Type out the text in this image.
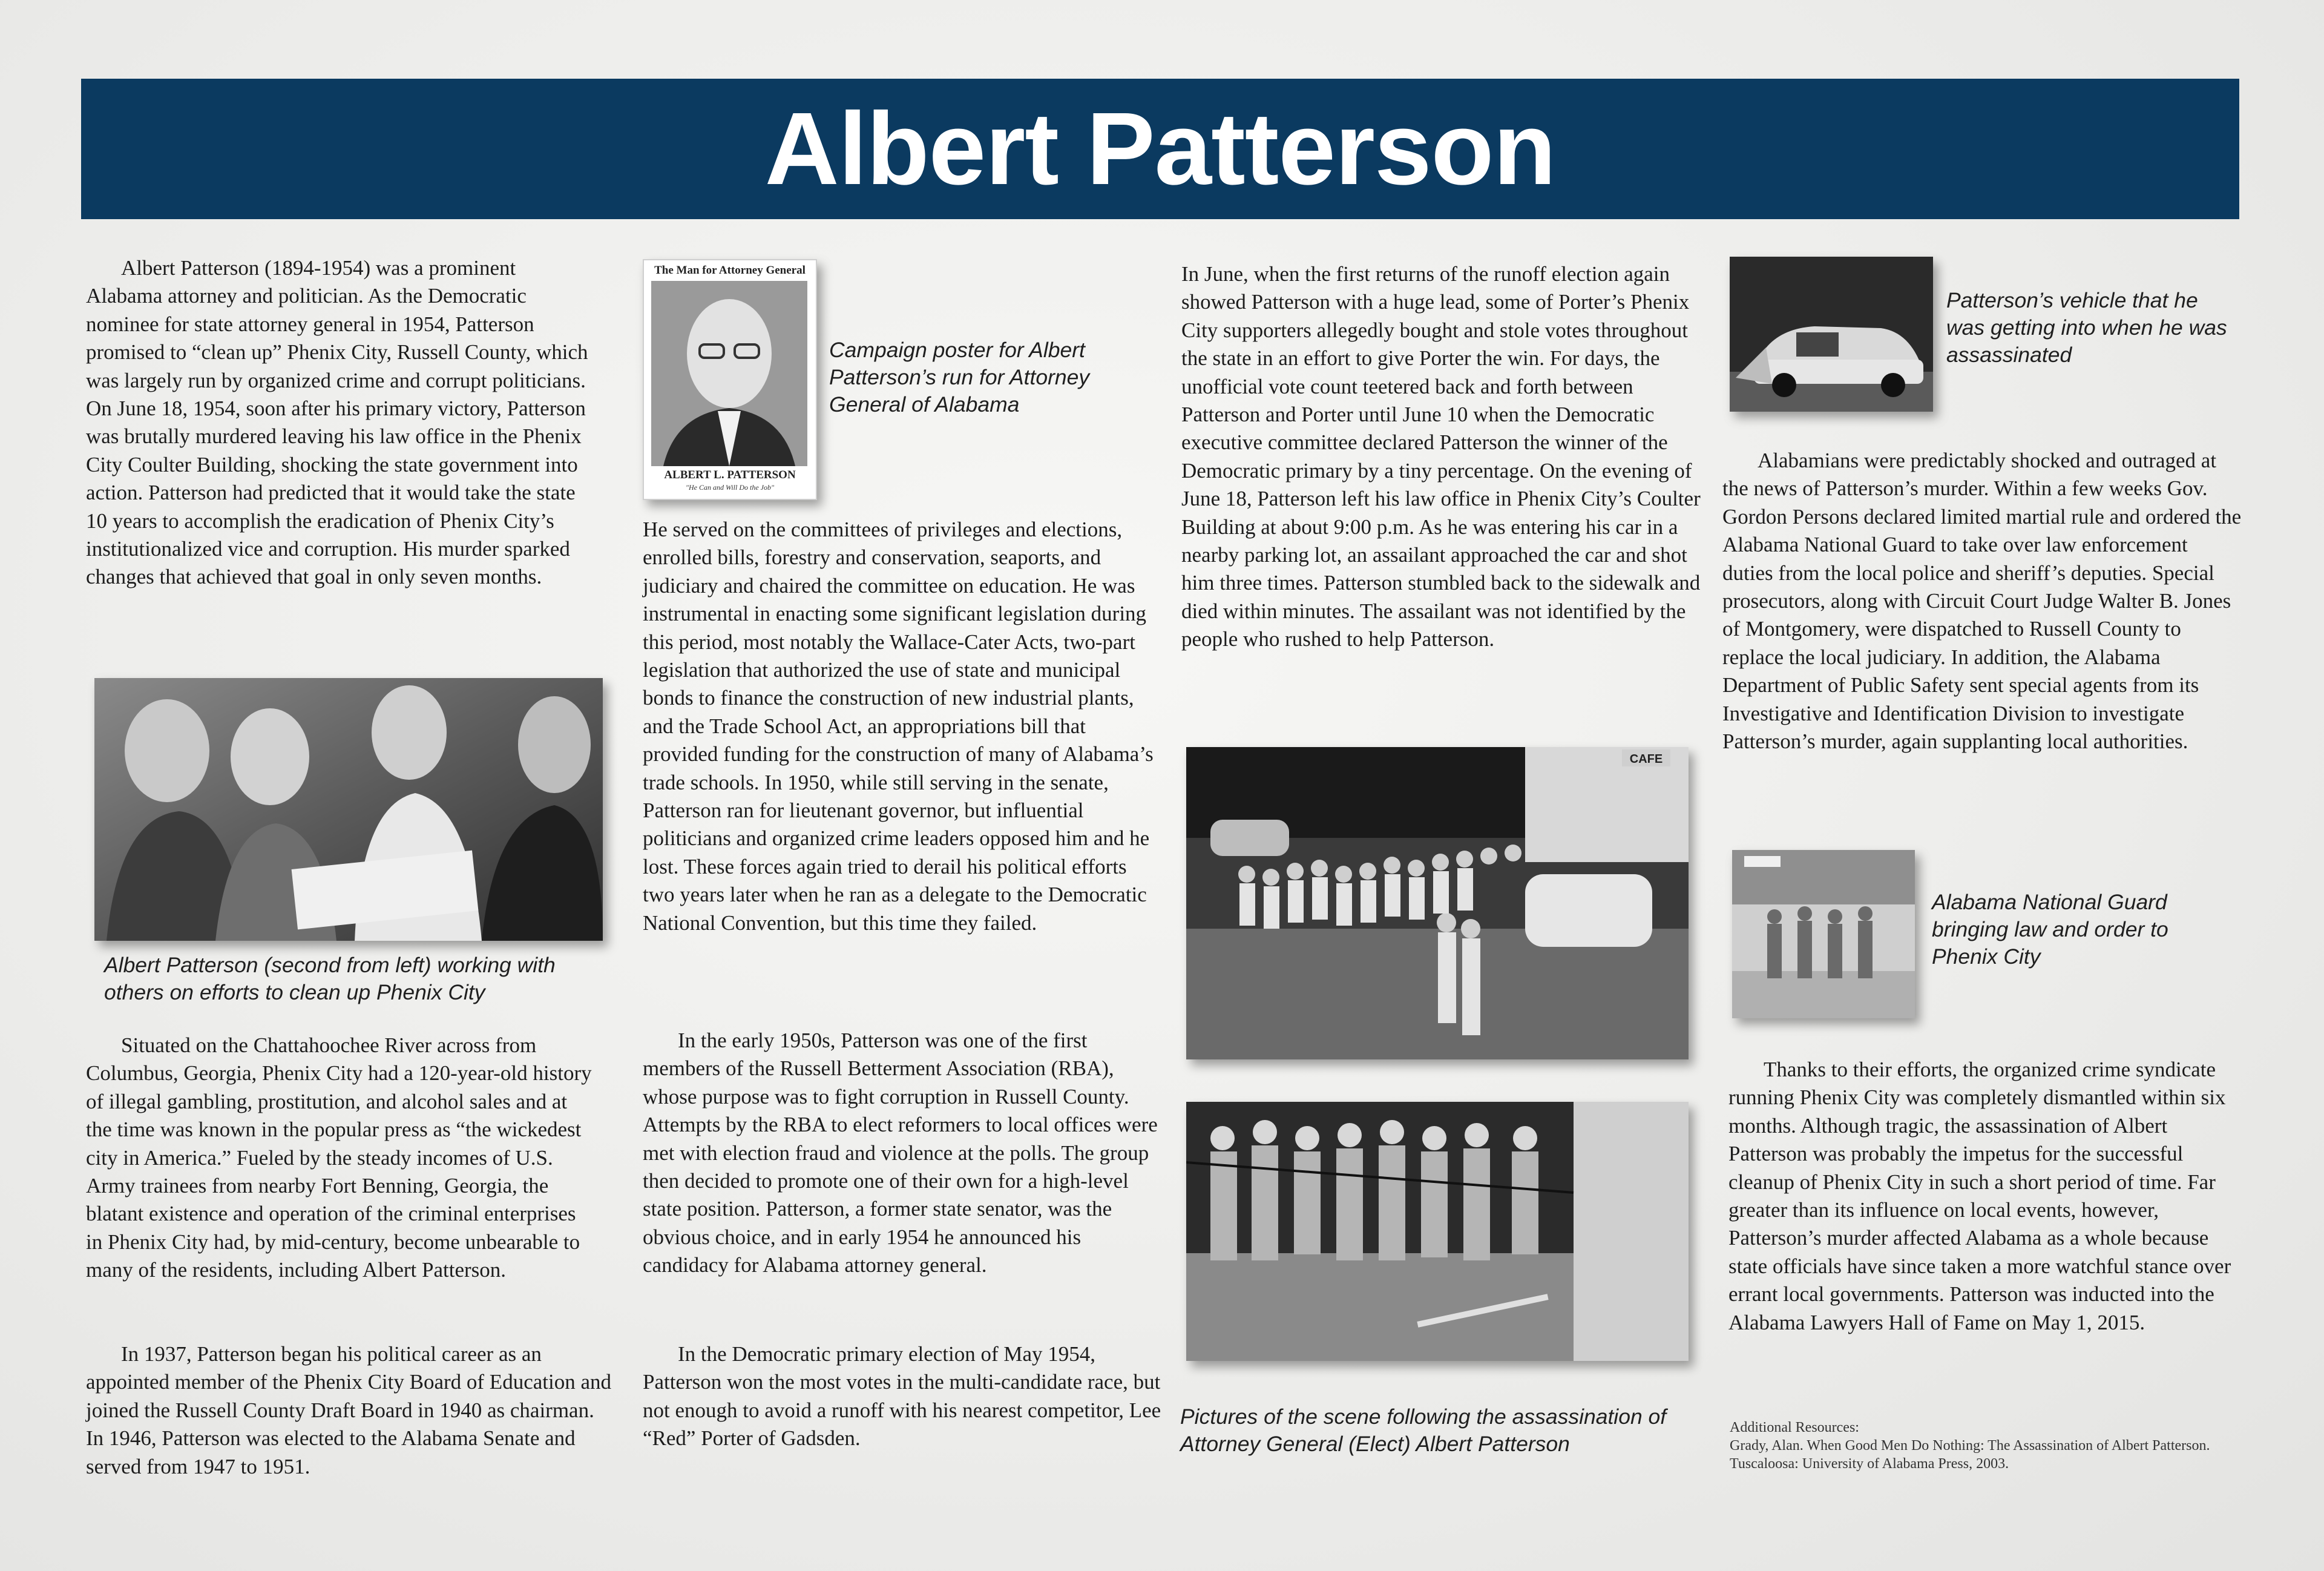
Albert Patterson

Albert Patterson (1894-1954) was a prominent Alabama attorney and politician. As the Democratic nominee for state attorney general in 1954, Patterson promised to “clean up” Phenix City, Russell County, which was largely run by organized crime and corrupt politicians. On June 18, 1954, soon after his primary victory, Patterson was brutally murdered leaving his law office in the Phenix City Coulter Building, shocking the state government into action. Patterson had predicted that it would take the state 10 years to accomplish the eradication of Phenix City’s institutionalized vice and corruption. His murder sparked changes that achieved that goal in only seven months.

Albert Patterson (second from left) working with others on efforts to clean up Phenix City

Situated on the Chattahoochee River across from Columbus, Georgia, Phenix City had a 120-year-old history of illegal gambling, prostitution, and alcohol sales and at the time was known in the popular press as “the wickedest city in America.” Fueled by the steady incomes of U.S. Army trainees from nearby Fort Benning, Georgia, the blatant existence and operation of the criminal enterprises in Phenix City had, by mid-century, become unbearable to many of the residents, including Albert Patterson.

In 1937, Patterson began his political career as an appointed member of the Phenix City Board of Education and joined the Russell County Draft Board in 1940 as chairman. In 1946, Patterson was elected to the Alabama Senate and served from 1947 to 1951.

The Man for Attorney General
ALBERT L. PATTERSON
"He Can and Will Do the Job"
Campaign poster for Albert Patterson’s run for Attorney General of Alabama

He served on the committees of privileges and elections, enrolled bills, forestry and conservation, seaports, and judiciary and chaired the committee on education. He was instrumental in enacting some significant legislation during this period, most notably the Wallace-Cater Acts, two-part legislation that authorized the use of state and municipal bonds to finance the construction of new industrial plants, and the Trade School Act, an appropriations bill that provided funding for the construction of many of Alabama’s trade schools. In 1950, while still serving in the senate, Patterson ran for lieutenant governor, but influential politicians and organized crime leaders opposed him and he lost. These forces again tried to derail his political efforts two years later when he ran as a delegate to the Democratic National Convention, but this time they failed.

In the early 1950s, Patterson was one of the first members of the Russell Betterment Association (RBA), whose purpose was to fight corruption in Russell County. Attempts by the RBA to elect reformers to local offices were met with election fraud and violence at the polls. The group then decided to promote one of their own for a high-level state position. Patterson, a former state senator, was the obvious choice, and in early 1954 he announced his candidacy for Alabama attorney general.

In the Democratic primary election of May 1954, Patterson won the most votes in the multi-candidate race, but not enough to avoid a runoff with his nearest competitor, Lee “Red” Porter of Gadsden.

In June, when the first returns of the runoff election again showed Patterson with a huge lead, some of Porter’s Phenix City supporters allegedly bought and stole votes throughout the state in an effort to give Porter the win. For days, the unofficial vote count teetered back and forth between Patterson and Porter until June 10 when the Democratic executive committee declared Patterson the winner of the Democratic primary by a tiny percentage. On the evening of June 18, Patterson left his law office in Phenix City’s Coulter Building at about 9:00 p.m. As he was entering his car in a nearby parking lot, an assailant approached the car and shot him three times. Patterson stumbled back to the sidewalk and died within minutes. The assailant was not identified by the people who rushed to help Patterson.

CAFE
Pictures of the scene following the assassination of Attorney General (Elect) Albert Patterson
Patterson’s vehicle that he was getting into when he was assassinated

Alabamians were predictably shocked and outraged at the news of Patterson’s murder. Within a few weeks Gov. Gordon Persons declared limited martial rule and ordered the Alabama National Guard to take over law enforcement duties from the local police and sheriff’s deputies. Special prosecutors, along with Circuit Court Judge Walter B. Jones of Montgomery, were dispatched to Russell County to replace the local judiciary. In addition, the Alabama Department of Public Safety sent special agents from its Investigative and Identification Division to investigate Patterson’s murder, again supplanting local authorities.

Alabama National Guard bringing law and order to Phenix City

Thanks to their efforts, the organized crime syndicate running Phenix City was completely dismantled within six months. Although tragic, the assassination of Albert Patterson was probably the impetus for the successful cleanup of Phenix City in such a short period of time. Far greater than its influence on local events, however, Patterson’s murder affected Alabama as a whole because state officials have since taken a more watchful stance over errant local governments. Patterson was inducted into the Alabama Lawyers Hall of Fame on May 1, 2015.

Additional Resources:
Grady, Alan. When Good Men Do Nothing: The Assassination of Albert Patterson. Tuscaloosa: University of Alabama Press, 2003.
